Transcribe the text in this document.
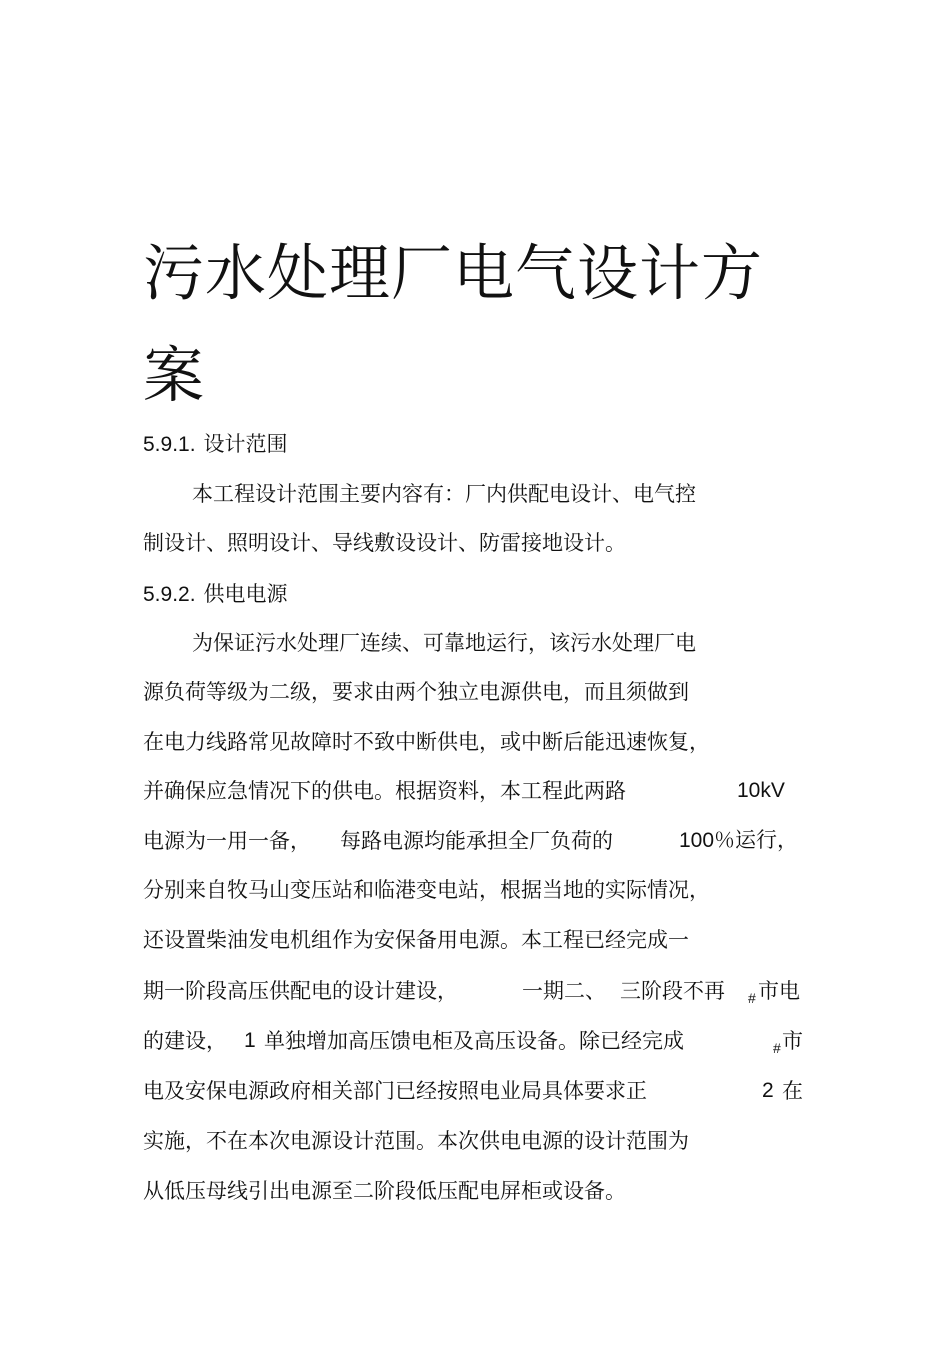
污水处理厂电气设计方
案
5.9.1. 设计范围
本工程设计范围主要内容有：厂内供配电设计、电气控
制设计、照明设计、导线敷设设计、防雷接地设计。
5.9.2. 供电电源
为保证污水处理厂连续、可靠地运行，该污水处理厂电
源负荷等级为二级，要求由两个独立电源供电，而且须做到
在电力线路常见故障时不致中断供电，或中断后能迅速恢复，
并确保应急情况下的供电。根据资料，本工程此两路	10kV
电源为一用一备， 每路电源均能承担全厂负荷的	100％运行，
分别来自牧马山变压站和临港变电站，根据当地的实际情况，
还设置柴油发电机组作为安保备用电源。本工程已经完成一
期一阶段高压供配电的设计建设，	一期二、 三阶段不再 # 市电
的建设， 1 单独增加高压馈电柜及高压设备。除已经完成	# 市
电及安保电源政府相关部门已经按照电业局具体要求正	2 在
实施，不在本次电源设计范围。本次供电电源的设计范围为
从低压母线引出电源至二阶段低压配电屏柜或设备。
